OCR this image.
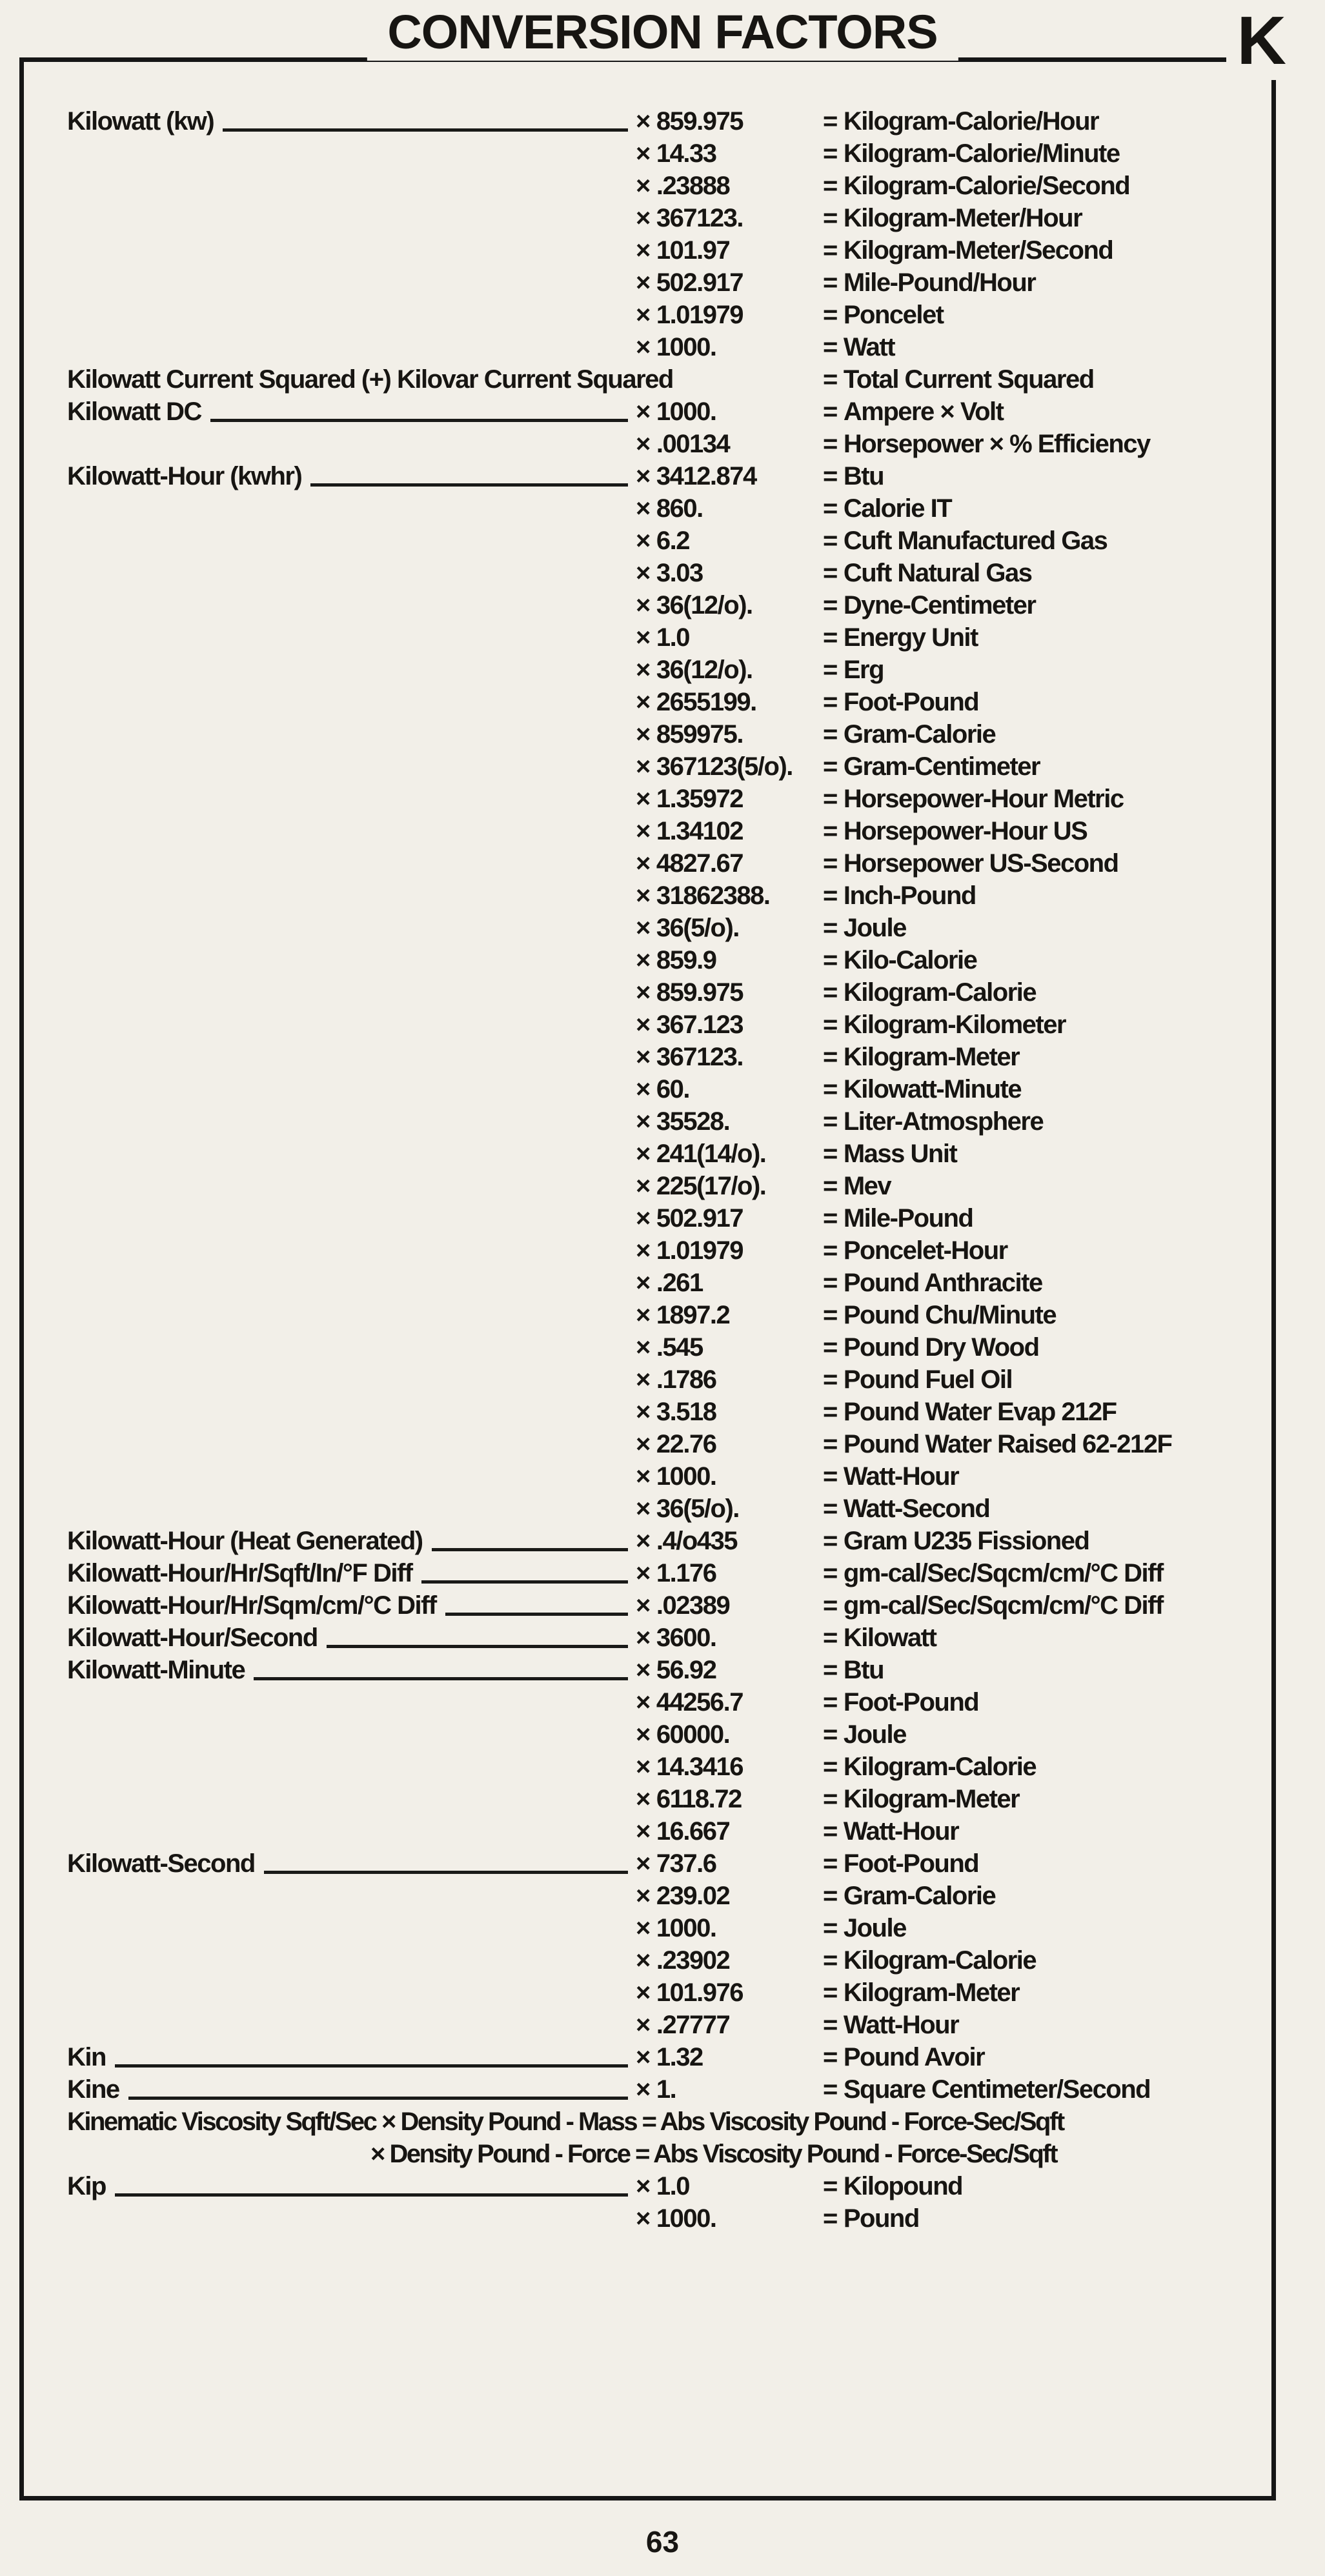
CONVERSION FACTORS	K
Kilowatt (kw)	× 859.975	= Kilogram-Calorie/Hour
× 14.33	= Kilogram-Calorie/Minute
× .23888	= Kilogram-Calorie/Second
× 367123.	= Kilogram-Meter/Hour
× 101.97	= Kilogram-Meter/Second
× 502.917	= Mile-Pound/Hour
× 1.01979	= Poncelet
× 1000.	= Watt
Kilowatt Current Squared (+) Kilovar Current Squared	= Total Current Squared
Kilowatt DC	× 1000.	= Ampere × Volt
× .00134	= Horsepower × % Efficiency
Kilowatt-Hour (kwhr)	× 3412.874	= Btu
× 860.	= Calorie IT
× 6.2	= Cuft Manufactured Gas
× 3.03	= Cuft Natural Gas
× 36(12/o).	= Dyne-Centimeter
× 1.0	= Energy Unit
× 36(12/o).	= Erg
× 2655199.	= Foot-Pound
× 859975.	= Gram-Calorie
× 367123(5/o).	= Gram-Centimeter
× 1.35972	= Horsepower-Hour Metric
× 1.34102	= Horsepower-Hour US
× 4827.67	= Horsepower US-Second
× 31862388.	= Inch-Pound
× 36(5/o).	= Joule
× 859.9	= Kilo-Calorie
× 859.975	= Kilogram-Calorie
× 367.123	= Kilogram-Kilometer
× 367123.	= Kilogram-Meter
× 60.	= Kilowatt-Minute
× 35528.	= Liter-Atmosphere
× 241(14/o).	= Mass Unit
× 225(17/o).	= Mev
× 502.917	= Mile-Pound
× 1.01979	= Poncelet-Hour
× .261	= Pound Anthracite
× 1897.2	= Pound Chu/Minute
× .545	= Pound Dry Wood
× .1786	= Pound Fuel Oil
× 3.518	= Pound Water Evap 212F
× 22.76	= Pound Water Raised 62-212F
× 1000.	= Watt-Hour
× 36(5/o).	= Watt-Second
Kilowatt-Hour (Heat Generated)	× .4/o435	= Gram U235 Fissioned
Kilowatt-Hour/Hr/Sqft/In/°F Diff	× 1.176	= gm-cal/Sec/Sqcm/cm/°C Diff
Kilowatt-Hour/Hr/Sqm/cm/°C Diff	× .02389	= gm-cal/Sec/Sqcm/cm/°C Diff
Kilowatt-Hour/Second	× 3600.	= Kilowatt
Kilowatt-Minute	× 56.92	= Btu
× 44256.7	= Foot-Pound
× 60000.	= Joule
× 14.3416	= Kilogram-Calorie
× 6118.72	= Kilogram-Meter
× 16.667	= Watt-Hour
Kilowatt-Second	× 737.6	= Foot-Pound
× 239.02	= Gram-Calorie
× 1000.	= Joule
× .23902	= Kilogram-Calorie
× 101.976	= Kilogram-Meter
× .27777	= Watt-Hour
Kin	× 1.32	= Pound Avoir
Kine	× 1.	= Square Centimeter/Second
Kinematic Viscosity Sqft/Sec × Density Pound - Mass = Abs Viscosity Pound - Force-Sec/Sqft
× Density Pound - Force = Abs Viscosity Pound - Force-Sec/Sqft
Kip	× 1.0	= Kilopound
× 1000.	= Pound
63
